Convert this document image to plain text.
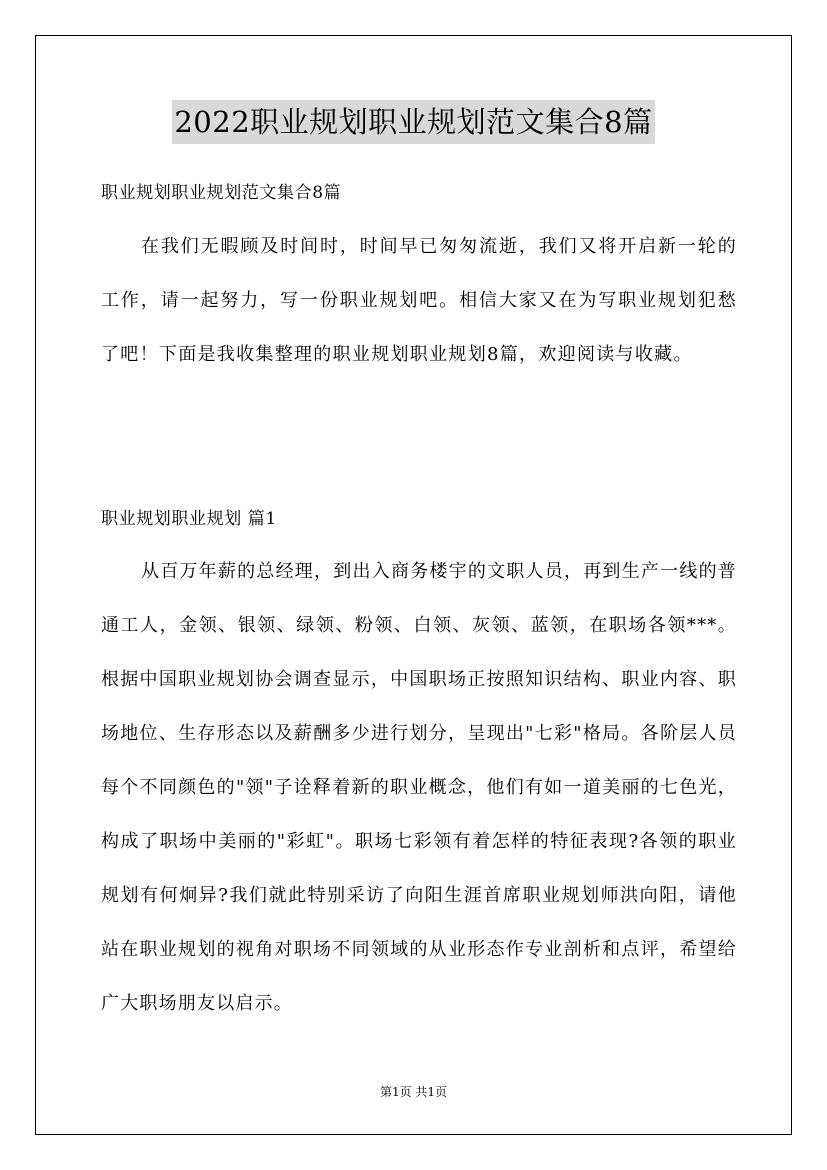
2022职业规划职业规划范文集合8篇
职业规划职业规划范文集合8篇

在我们无暇顾及时间时，时间早已匆匆流逝，我们又将开启新一轮的工作，请一起努力，写一份职业规划吧。相信大家又在为写职业规划犯愁了吧！下面是我收集整理的职业规划职业规划8篇，欢迎阅读与收藏。

职业规划职业规划 篇1

从百万年薪的总经理，到出入商务楼宇的文职人员，再到生产一线的普通工人，金领、银领、绿领、粉领、白领、灰领、蓝领，在职场各领***。根据中国职业规划协会调查显示，中国职场正按照知识结构、职业内容、职场地位、生存形态以及薪酬多少进行划分，呈现出"七彩"格局。各阶层人员每个不同颜色的"领"子诠释着新的职业概念，他们有如一道美丽的七色光，构成了职场中美丽的"彩虹"。职场七彩领有着怎样的特征表现?各领的职业规划有何炯异?我们就此特别采访了向阳生涯首席职业规划师洪向阳，请他站在职业规划的视角对职场不同领域的从业形态作专业剖析和点评，希望给广大职场朋友以启示。

第1页 共1页
